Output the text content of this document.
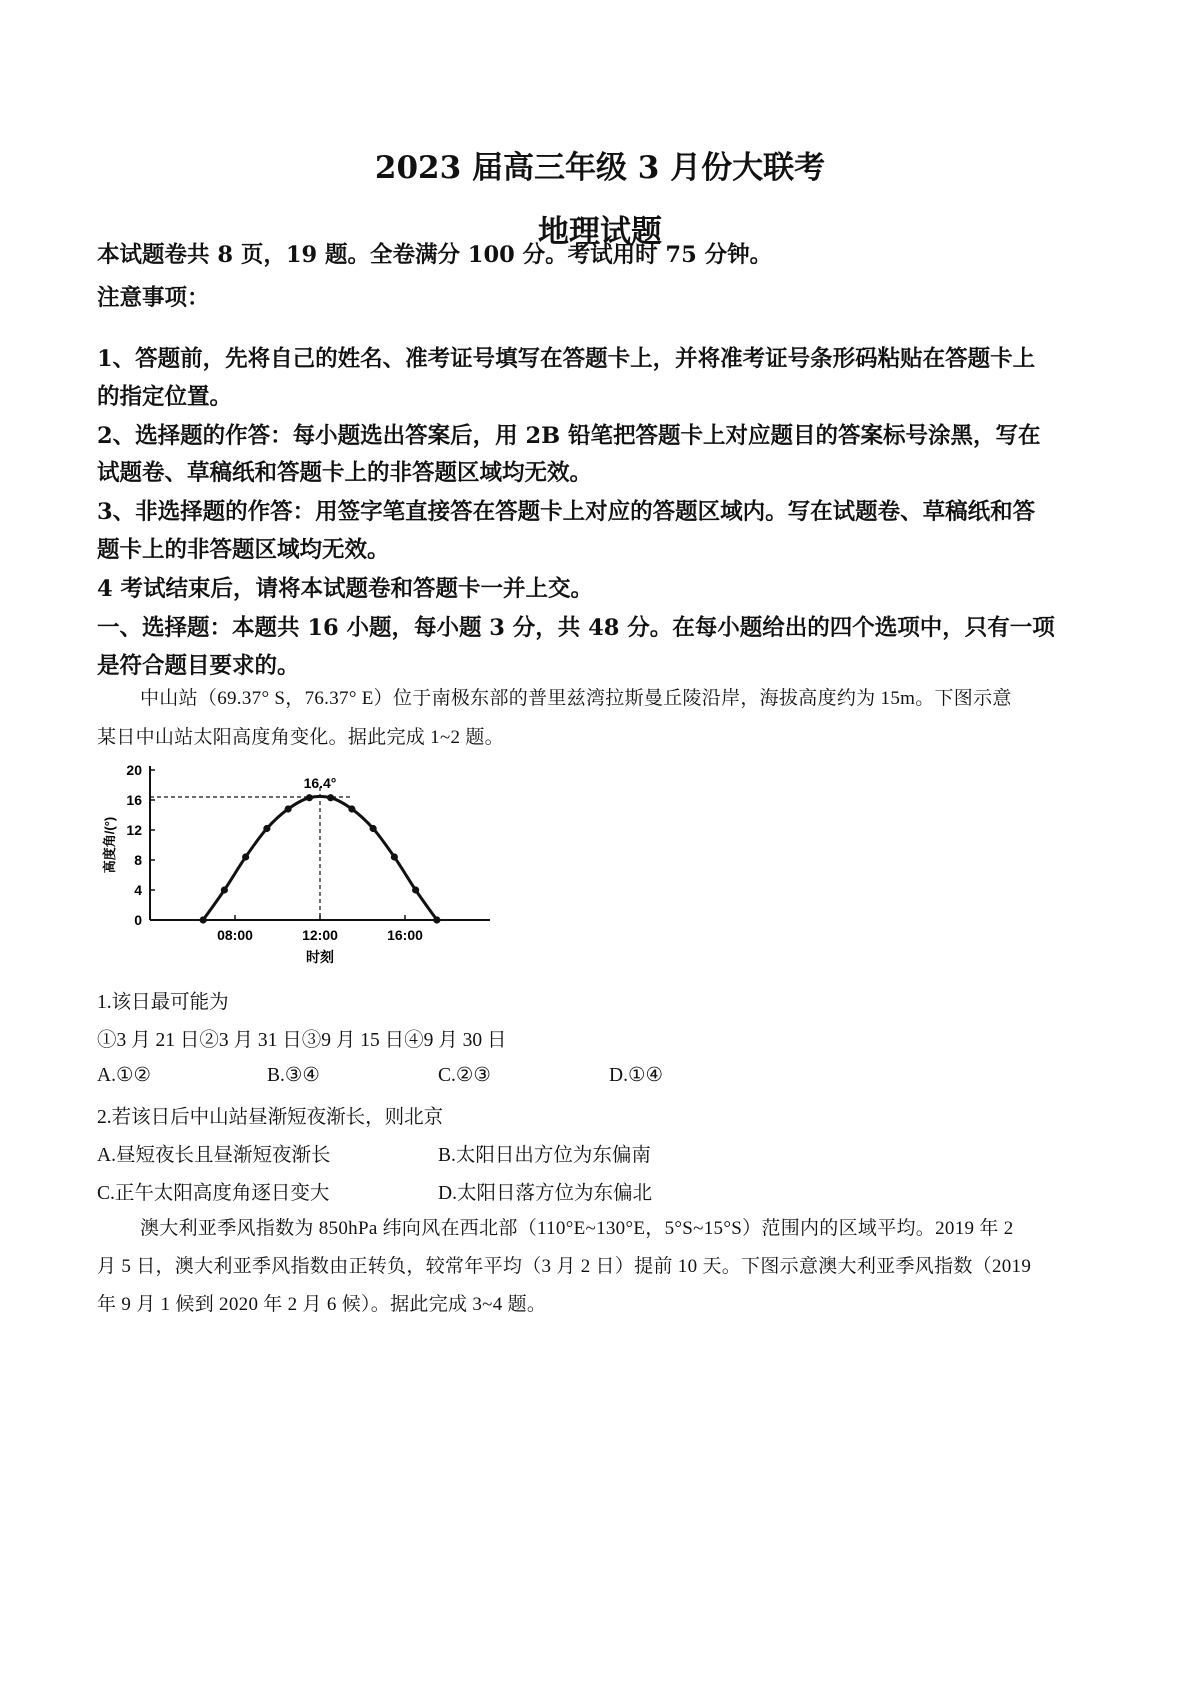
2023 届高三年级 3 月份大联考
地理试题
本试题卷共 8 页，19 题。全卷满分 100 分。考试用时 75 分钟。
注意事项：
1、答题前，先将自己的姓名、准考证号填写在答题卡上，并将准考证号条形码粘贴在答题卡上
的指定位置。
2、选择题的作答：每小题选出答案后，用 2B 铅笔把答题卡上对应题目的答案标号涂黑，写在
试题卷、草稿纸和答题卡上的非答题区域均无效。
3、非选择题的作答：用签字笔直接答在答题卡上对应的答题区域内。写在试题卷、草稿纸和答
题卡上的非答题区域均无效。
4 考试结束后，请将本试题卷和答题卡一并上交。
一、选择题：本题共 16 小题，每小题 3 分，共 48 分。在每小题给出的四个选项中，只有一项
是符合题目要求的。
中山站（69.37° S，76.37° E）位于南极东部的普里兹湾拉斯曼丘陵沿岸，海拔高度约为 15m。下图示意
某日中山站太阳高度角变化。据此完成 1~2 题。
0
4
8
12
16
20
08:00	12:00	16:00
16.4°
时刻
高度角/(°)
1.该日最可能为
①3 月 21 日②3 月 31 日③9 月 15 日④9 月 30 日
A.①②	B.③④	C.②③	D.①④
2.若该日后中山站昼渐短夜渐长，则北京
A.昼短夜长且昼渐短夜渐长	B.太阳日出方位为东偏南
C.正午太阳高度角逐日变大	D.太阳日落方位为东偏北
澳大利亚季风指数为 850hPa 纬向风在西北部（110°E~130°E，5°S~15°S）范围内的区域平均。2019 年 2
月 5 日，澳大利亚季风指数由正转负，较常年平均（3 月 2 日）提前 10 天。下图示意澳大利亚季风指数（2019
年 9 月 1 候到 2020 年 2 月 6 候）。据此完成 3~4 题。
